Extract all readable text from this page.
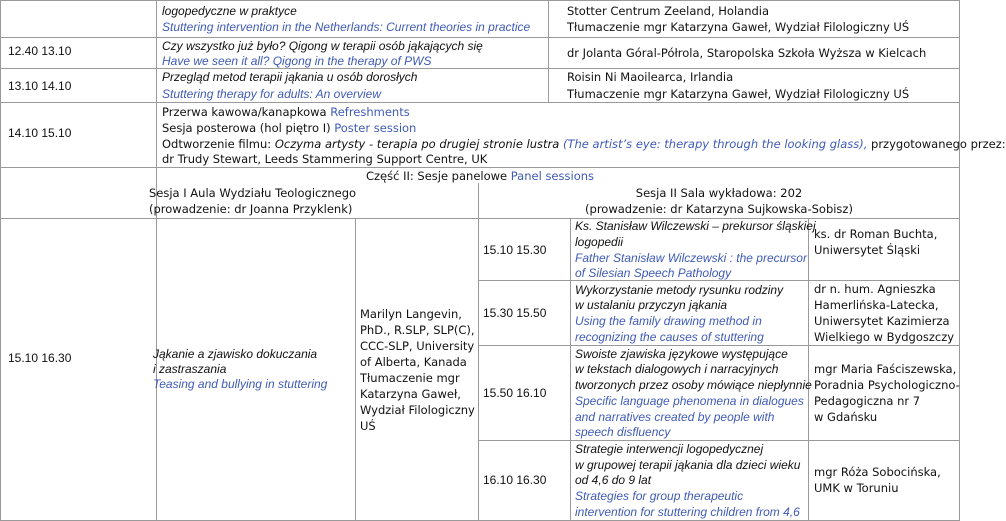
logopedyczne w praktyce
Stuttering intervention in the Netherlands: Current theories in practice
Stotter Centrum Zeeland, Holandia
Tłumaczenie mgr Katarzyna Gaweł, Wydział Filologiczny UŚ
12.40 13.10	Czy wszystko już było? Qigong w terapii osób jąkających się
Have we seen it all? Qigong in the therapy of PWS
dr Jolanta Góral-Półrola, Staropolska Szkoła Wyższa w Kielcach
13.10 14.10
Przegląd metod terapii jąkania u osób dorosłych
Stuttering therapy for adults: An overview
Roisin Ni Maoilearca, Irlandia
Tłumaczenie mgr Katarzyna Gaweł, Wydział Filologiczny UŚ
14.10 15.10
Przerwa kawowa/kanapkowa Refreshments
Sesja posterowa (hol piętro I) Poster session
Odtworzenie filmu: Oczyma artysty - terapia po drugiej stronie lustra (The artist’s eye: therapy through the looking glass), przygotowanego przez:
dr Trudy Stewart, Leeds Stammering Support Centre, UK
Część II: Sesje panelowe Panel sessions
Sesja I Aula Wydziału Teologicznego
(prowadzenie: dr Joanna Przyklenk)
Sesja II Sala wykładowa: 202
(prowadzenie: dr Katarzyna Sujkowska-Sobisz)
15.10 16.30	Jąkanie a zjawisko dokuczania
i zastraszania
Teasing and bullying in stuttering
Marilyn Langevin,
PhD., R.SLP, SLP(C),
CCC-SLP, University
of Alberta, Kanada
Tłumaczenie mgr
Katarzyna Gaweł,
Wydział Filologiczny
UŚ
15.10 15.30
Ks. Stanisław Wilczewski – prekursor śląskiej
logopedii
Father Stanisław Wilczewski : the precursor
of Silesian Speech Pathology
ks. dr Roman Buchta,
Uniwersytet Śląski
15.30 15.50
Wykorzystanie metody rysunku rodziny
w ustalaniu przyczyn jąkania
Using the family drawing method in
recognizing the causes of stuttering
dr n. hum. Agnieszka
Hamerlińska-Latecka,
Uniwersytet Kazimierza
Wielkiego w Bydgoszczy
15.50 16.10
Swoiste zjawiska językowe występujące
w tekstach dialogowych i narracyjnych
tworzonych przez osoby mówiące niepłynnie
Specific language phenomena in dialogues
and narratives created by people with
speech disfluency
mgr Maria Faściszewska,
Poradnia Psychologiczno-
Pedagogiczna nr 7
w Gdańsku
16.10 16.30
Strategie interwencji logopedycznej
w grupowej terapii jąkania dla dzieci wieku
od 4,6 do 9 lat
Strategies for group therapeutic
intervention for stuttering children from 4,6
mgr Róża Sobocińska,
UMK w Toruniu
